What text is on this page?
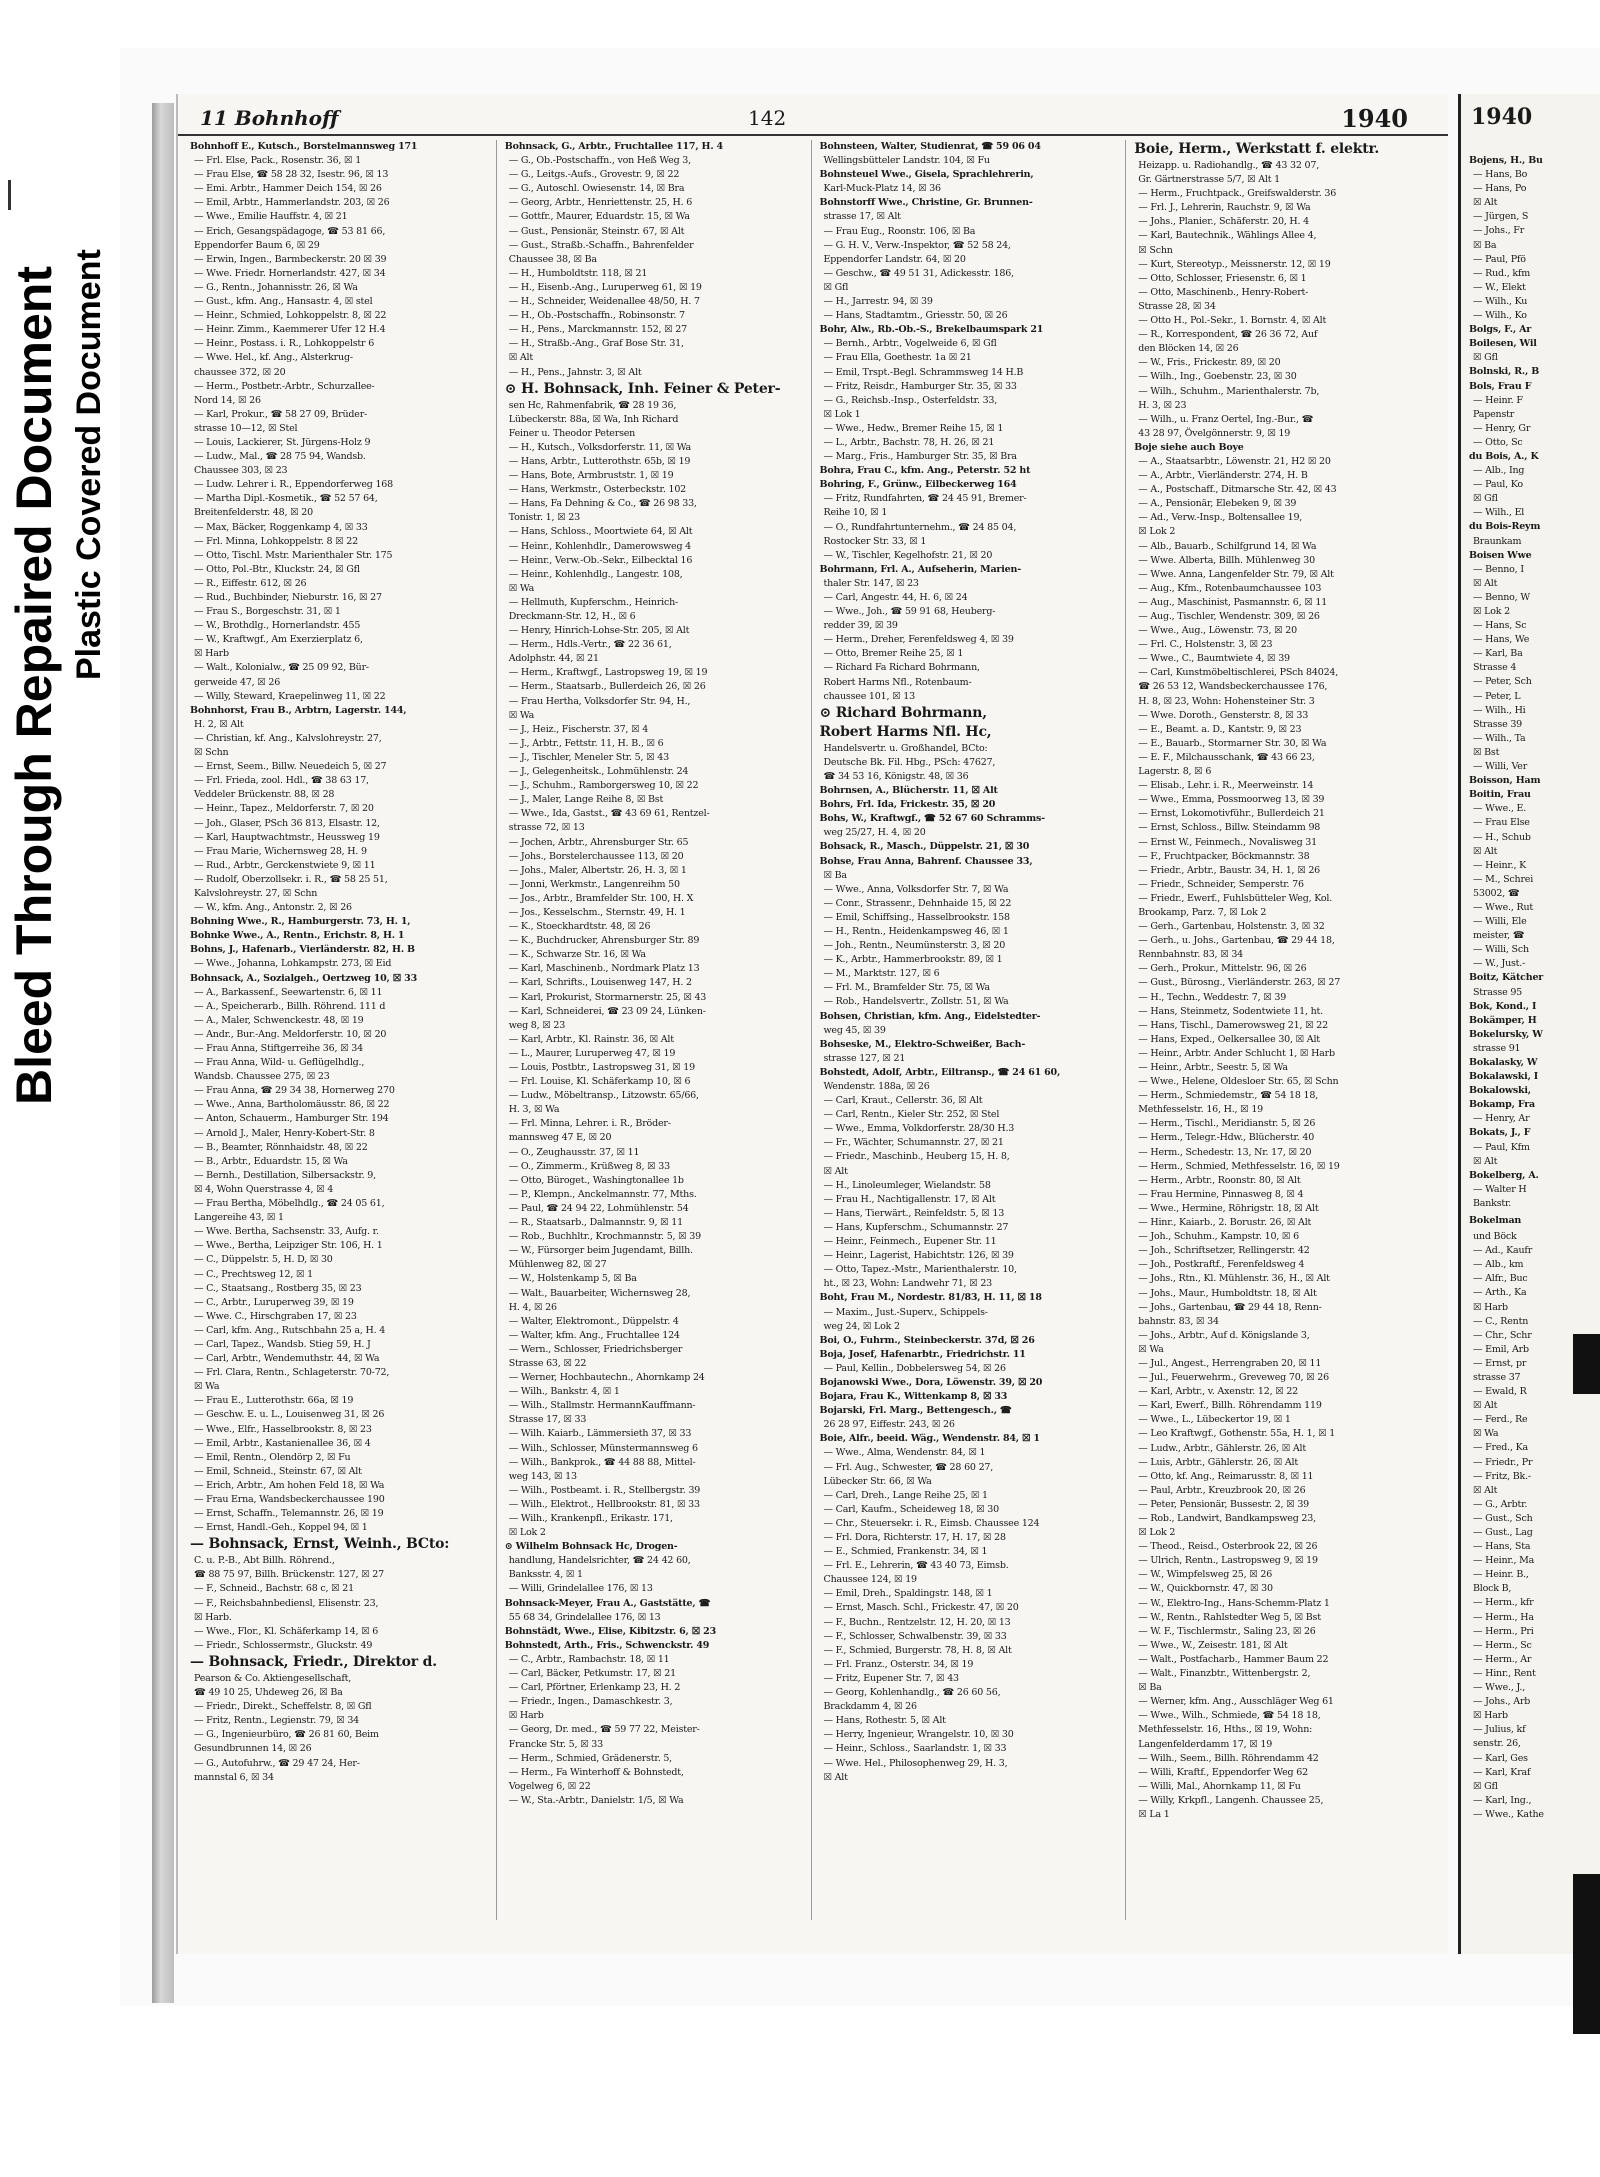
Bleed Through Repaired Document Plastic Covered Document
11 Bohnhoff	142	1940
Bohnhoff E., Kutsch., Borstelmannsweg 171
— Frl. Else, Pack., Rosenstr. 36, ☒ 1
— Frau Else, ☎ 58 28 32, Isestr. 96, ☒ 13
— Emi. Arbtr., Hammer Deich 154, ☒ 26
— Emil, Arbtr., Hammerlandstr. 203, ☒ 26
— Wwe., Emilie Hauffstr. 4, ☒ 21
— Erich, Gesangspädagoge, ☎ 53 81 66,
Eppendorfer Baum 6, ☒ 29
— Erwin, Ingen., Barmbeckerstr. 20 ☒ 39
— Wwe. Friedr. Hornerlandstr. 427, ☒ 34
— G., Rentn., Johannisstr. 26, ☒ Wa
— Gust., kfm. Ang., Hansastr. 4, ☒ stel
— Heinr., Schmied, Lohkoppelstr. 8, ☒ 22
— Heinr. Zimm., Kaemmerer Ufer 12 H.4
— Heinr., Postass. i. R., Lohkoppelstr 6
— Wwe. Hel., kf. Ang., Alsterkrug-
chaussee 372, ☒ 20
— Herm., Postbetr.-Arbtr., Schurzallee-
Nord 14, ☒ 26
— Karl, Prokur., ☎ 58 27 09, Brüder-
strasse 10—12, ☒ Stel
— Louis, Lackierer, St. Jürgens-Holz 9
— Ludw., Mal., ☎ 28 75 94, Wandsb.
Chaussee 303, ☒ 23
— Ludw. Lehrer i. R., Eppendorferweg 168
— Martha Dipl.-Kosmetik., ☎ 52 57 64,
Breitenfelderstr. 48, ☒ 20
— Max, Bäcker, Roggenkamp 4, ☒ 33
— Frl. Minna, Lohkoppelstr. 8 ☒ 22
— Otto, Tischl. Mstr. Marienthaler Str. 175
— Otto, Pol.-Btr., Kluckstr. 24, ☒ Gfl
— R., Eiffestr. 612, ☒ 26
— Rud., Buchbinder, Nieburstr. 16, ☒ 27
— Frau S., Borgeschstr. 31, ☒ 1
— W., Brothdlg., Hornerlandstr. 455
— W., Kraftwgf., Am Exerzierplatz 6,
☒ Harb
— Walt., Kolonialw., ☎ 25 09 92, Bür-
gerweide 47, ☒ 26
— Willy, Steward, Kraepelinweg 11, ☒ 22
Bohnhorst, Frau B., Arbtrn, Lagerstr. 144,
H. 2, ☒ Alt
— Christian, kf. Ang., Kalvslohreystr. 27,
☒ Schn
— Ernst, Seem., Billw. Neuedeich 5, ☒ 27
— Frl. Frieda, zool. Hdl., ☎ 38 63 17,
Veddeler Brückenstr. 88, ☒ 28
— Heinr., Tapez., Meldorferstr. 7, ☒ 20
— Joh., Glaser, PSch 36 813, Elsastr. 12,
— Karl, Hauptwachtmstr., Heussweg 19
— Frau Marie, Wichernsweg 28, H. 9
— Rud., Arbtr., Gerckenstwiete 9, ☒ 11
— Rudolf, Oberzollsekr. i. R., ☎ 58 25 51,
Kalvslohreystr. 27, ☒ Schn
— W., kfm. Ang., Antonstr. 2, ☒ 26
Bohning Wwe., R., Hamburgerstr. 73, H. 1,
Bohnke Wwe., A., Rentn., Erichstr. 8, H. 1
Bohns, J., Hafenarb., Vierländerstr. 82, H. B
— Wwe., Johanna, Lohkampstr. 273, ☒ Eid
Bohnsack, A., Sozialgeh., Oertzweg 10, ☒ 33
— A., Barkassenf., Seewartenstr. 6, ☒ 11
— A., Speicherarb., Billh. Röhrend. 111 d
— A., Maler, Schwenckestr. 48, ☒ 19
— Andr., Bur.-Ang. Meldorferstr. 10, ☒ 20
— Frau Anna, Stiftgerreihe 36, ☒ 34
— Frau Anna, Wild- u. Geflügelhdlg.,
Wandsb. Chaussee 275, ☒ 23
— Frau Anna, ☎ 29 34 38, Hornerweg 270
— Wwe., Anna, Bartholomäusstr. 86, ☒ 22
— Anton, Schauerm., Hamburger Str. 194
— Arnold J., Maler, Henry-Kobert-Str. 8
— B., Beamter, Rönnhaidstr. 48, ☒ 22
— B., Arbtr., Eduardstr. 15, ☒ Wa
— Bernh., Destillation, Silbersackstr. 9,
☒ 4, Wohn Querstrasse 4, ☒ 4
— Frau Bertha, Möbelhdlg., ☎ 24 05 61,
Langereihe 43, ☒ 1
— Wwe. Bertha, Sachsenstr. 33, Aufg. r.
— Wwe., Bertha, Leipziger Str. 106, H. 1
— C., Düppelstr. 5, H. D, ☒ 30
— C., Prechtsweg 12, ☒ 1
— C., Staatsang., Rostberg 35, ☒ 23
— C., Arbtr., Luruperweg 39, ☒ 19
— Wwe. C., Hirschgraben 17, ☒ 23
— Carl, kfm. Ang., Rutschbahn 25 a, H. 4
— Carl, Tapez., Wandsb. Stieg 59, H. J
— Carl, Arbtr., Wendemuthstr. 44, ☒ Wa
— Frl. Clara, Rentn., Schlageterstr. 70-72,
☒ Wa
— Frau E., Lutterothstr. 66a, ☒ 19
— Geschw. E. u. L., Louisenweg 31, ☒ 26
— Wwe., Elfr., Hasselbrookstr. 8, ☒ 23
— Emil, Arbtr., Kastanienallee 36, ☒ 4
— Emil, Rentn., Olendörp 2, ☒ Fu
— Emil, Schneid., Steinstr. 67, ☒ Alt
— Erich, Arbtr., Am hohen Feld 18, ☒ Wa
— Frau Erna, Wandsbeckerchaussee 190
— Ernst, Schaffn., Telemannstr. 26, ☒ 19
— Ernst, Handl.-Geh., Koppel 94, ☒ 1
— Bohnsack, Ernst, Weinh., BCto:
C. u. P.-B., Abt Billh. Röhrend.,
☎ 88 75 97, Billh. Brückenstr. 127, ☒ 27
— F., Schneid., Bachstr. 68 c, ☒ 21
— F., Reichsbahnbediensl, Elisenstr. 23,
☒ Harb.
— Wwe., Flor., Kl. Schäferkamp 14, ☒ 6
— Friedr., Schlossermstr., Gluckstr. 49
— Bohnsack, Friedr., Direktor d.
Pearson & Co. Aktiengesellschaft,
☎ 49 10 25, Uhdeweg 26, ☒ Ba
— Friedr., Direkt., Scheffelstr. 8, ☒ Gfl
— Fritz, Rentn., Legienstr. 79, ☒ 34
— G., Ingenieurbüro, ☎ 26 81 60, Beim
Gesundbrunnen 14, ☒ 26
— G., Autofuhrw., ☎ 29 47 24, Her-
mannstal 6, ☒ 34
Bohnsack, G., Arbtr., Fruchtallee 117, H. 4
— G., Ob.-Postschaffn., von Heß Weg 3,
— G., Leitgs.-Aufs., Grovestr. 9, ☒ 22
— G., Autoschl. Owiesenstr. 14, ☒ Bra
— Georg, Arbtr., Henriettenstr. 25, H. 6
— Gottfr., Maurer, Eduardstr. 15, ☒ Wa
— Gust., Pensionär, Steinstr. 67, ☒ Alt
— Gust., Straßb.-Schaffn., Bahrenfelder
Chaussee 38, ☒ Ba
— H., Humboldtstr. 118, ☒ 21
— H., Eisenb.-Ang., Luruperweg 61, ☒ 19
— H., Schneider, Weidenallee 48/50, H. 7
— H., Ob.-Postschaffn., Robinsonstr. 7
— H., Pens., Marckmannstr. 152, ☒ 27
— H., Straßb.-Ang., Graf Bose Str. 31,
☒ Alt
— H., Pens., Jahnstr. 3, ☒ Alt
⊙ H. Bohnsack, Inh. Feiner & Peter-
sen Hc, Rahmenfabrik, ☎ 28 19 36,
Lübeckerstr. 88a, ☒ Wa, Inh Richard
Feiner u. Theodor Petersen
— H., Kutsch., Volksdorferstr. 11, ☒ Wa
— Hans, Arbtr., Lutterothstr. 65b, ☒ 19
— Hans, Bote, Armbruststr. 1, ☒ 19
— Hans, Werkmstr., Osterbeckstr. 102
— Hans, Fa Dehning & Co., ☎ 26 98 33,
Tonistr. 1, ☒ 23
— Hans, Schloss., Moortwiete 64, ☒ Alt
— Heinr., Kohlenhdlr., Damerowsweg 4
— Heinr., Verw.-Ob.-Sekr., Eilbecktal 16
— Heinr., Kohlenhdlg., Langestr. 108,
☒ Wa
— Hellmuth, Kupferschm., Heinrich-
Dreckmann-Str. 12, H., ☒ 6
— Henry, Hinrich-Lohse-Str. 205, ☒ Alt
— Herm., Hdls.-Vertr., ☎ 22 36 61,
Adolphstr. 44, ☒ 21
— Herm., Kraftwgf., Lastropsweg 19, ☒ 19
— Herm., Staatsarb., Bullerdeich 26, ☒ 26
— Frau Hertha, Volksdorfer Str. 94, H.,
☒ Wa
— J., Heiz., Fischerstr. 37, ☒ 4
— J., Arbtr., Fettstr. 11, H. B., ☒ 6
— J., Tischler, Meneler Str. 5, ☒ 43
— J., Gelegenheitsk., Lohmühlenstr. 24
— J., Schuhm., Ramborgersweg 10, ☒ 22
— J., Maler, Lange Reihe 8, ☒ Bst
— Wwe., Ida, Gastst., ☎ 43 69 61, Rentzel-
strasse 72, ☒ 13
— Jochen, Arbtr., Ahrensburger Str. 65
— Johs., Borstelerchaussee 113, ☒ 20
— Johs., Maler, Albertstr. 26, H. 3, ☒ 1
— Jonni, Werkmstr., Langenreihm 50
— Jos., Arbtr., Bramfelder Str. 100, H. X
— Jos., Kesselschm., Sternstr. 49, H. 1
— K., Stoeckhardtstr. 48, ☒ 26
— K., Buchdrucker, Ahrensburger Str. 89
— K., Schwarze Str. 16, ☒ Wa
— Karl, Maschinenb., Nordmark Platz 13
— Karl, Schrifts., Louisenweg 147, H. 2
— Karl, Prokurist, Stormarnerstr. 25, ☒ 43
— Karl, Schneiderei, ☎ 23 09 24, Lünken-
weg 8, ☒ 23
— Karl, Arbtr., Kl. Rainstr. 36, ☒ Alt
— L., Maurer, Luruperweg 47, ☒ 19
— Louis, Postbtr., Lastropsweg 31, ☒ 19
— Frl. Louise, Kl. Schäferkamp 10, ☒ 6
— Ludw., Möbeltransp., Litzowstr. 65/66,
H. 3, ☒ Wa
— Frl. Minna, Lehrer. i. R., Bröder-
mannsweg 47 E, ☒ 20
— O., Zeughausstr. 37, ☒ 11
— O., Zimmerm., Krüßweg 8, ☒ 33
— Otto, Büroget., Washingtonallee 1b
— P., Klempn., Anckelmannstr. 77, Mths.
— Paul, ☎ 24 94 22, Lohmühlenstr. 54
— R., Staatsarb., Dalmannstr. 9, ☒ 11
— Rob., Buchhltr., Krochmannstr. 5, ☒ 39
— W., Fürsorger beim Jugendamt, Billh.
Mühlenweg 82, ☒ 27
— W., Holstenkamp 5, ☒ Ba
— Walt., Bauarbeiter, Wichernsweg 28,
H. 4, ☒ 26
— Walter, Elektromont., Düppelstr. 4
— Walter, kfm. Ang., Fruchtallee 124
— Wern., Schlosser, Friedrichsberger
Strasse 63, ☒ 22
— Werner, Hochbautechn., Ahornkamp 24
— Wilh., Bankstr. 4, ☒ 1
— Wilh., Stallmstr. HermannKauffmann-
Strasse 17, ☒ 33
— Wilh. Kaiarb., Lämmersieth 37, ☒ 33
— Wilh., Schlosser, Münstermannsweg 6
— Wilh., Bankprok., ☎ 44 88 88, Mittel-
weg 143, ☒ 13
— Wilh., Postbeamt. i. R., Stellbergstr. 39
— Wilh., Elektrot., Hellbrookstr. 81, ☒ 33
— Wilh., Krankenpfl., Erikastr. 171,
☒ Lok 2
⊙ Wilhelm Bohnsack Hc, Drogen-
handlung, Handelsrichter, ☎ 24 42 60,
Banksstr. 4, ☒ 1
— Willi, Grindelallee 176, ☒ 13
Bohnsack-Meyer, Frau A., Gaststätte, ☎
55 68 34, Grindelallee 176, ☒ 13
Bohnstädt, Wwe., Elise, Kibitzstr. 6, ☒ 23
Bohnstedt, Arth., Fris., Schwenckstr. 49
— C., Arbtr., Rambachstr. 18, ☒ 11
— Carl, Bäcker, Petkumstr. 17, ☒ 21
— Carl, Pförtner, Erlenkamp 23, H. 2
— Friedr., Ingen., Damaschkestr. 3,
☒ Harb
— Georg, Dr. med., ☎ 59 77 22, Meister-
Francke Str. 5, ☒ 33
— Herm., Schmied, Grädenerstr. 5,
— Herm., Fa Winterhoff & Bohnstedt,
Vogelweg 6, ☒ 22
— W., Sta.-Arbtr., Danielstr. 1/5, ☒ Wa
Bohnsteen, Walter, Studienrat, ☎ 59 06 04
Wellingsbütteler Landstr. 104, ☒ Fu
Bohnsteuel Wwe., Gisela, Sprachlehrerin,
Karl-Muck-Platz 14, ☒ 36
Bohnstorff Wwe., Christine, Gr. Brunnen-
strasse 17, ☒ Alt
— Frau Eug., Roonstr. 106, ☒ Ba
— G. H. V., Verw.-Inspektor, ☎ 52 58 24,
Eppendorfer Landstr. 64, ☒ 20
— Geschw., ☎ 49 51 31, Adickesstr. 186,
☒ Gfl
— H., Jarrestr. 94, ☒ 39
— Hans, Stadtamtm., Griesstr. 50, ☒ 26
Bohr, Alw., Rb.-Ob.-S., Brekelbaumspark 21
— Bernh., Arbtr., Vogelweide 6, ☒ Gfl
— Frau Ella, Goethestr. 1a ☒ 21
— Emil, Trspt.-Begl. Schrammsweg 14 H.B
— Fritz, Reisdr., Hamburger Str. 35, ☒ 33
— G., Reichsb.-Insp., Osterfeldstr. 33,
☒ Lok 1
— Wwe., Hedw., Bremer Reihe 15, ☒ 1
— L., Arbtr., Bachstr. 78, H. 26, ☒ 21
— Marg., Fris., Hamburger Str. 35, ☒ Bra
Bohra, Frau C., kfm. Ang., Peterstr. 52 ht
Bohring, F., Grünw., Eilbeckerweg 164
— Fritz, Rundfahrten, ☎ 24 45 91, Bremer-
Reihe 10, ☒ 1
— O., Rundfahrtunternehm., ☎ 24 85 04,
Rostocker Str. 33, ☒ 1
— W., Tischler, Kegelhofstr. 21, ☒ 20
Bohrmann, Frl. A., Aufseherin, Marien-
thaler Str. 147, ☒ 23
— Carl, Angestr. 44, H. 6, ☒ 24
— Wwe., Joh., ☎ 59 91 68, Heuberg-
redder 39, ☒ 39
— Herm., Dreher, Ferenfeldsweg 4, ☒ 39
— Otto, Bremer Reihe 25, ☒ 1
— Richard Fa Richard Bohrmann,
Robert Harms Nfl., Rotenbaum-
chaussee 101, ☒ 13
⊙ Richard Bohrmann,
Robert Harms Nfl. Hc,
Handelsvertr. u. Großhandel, BCto:
Deutsche Bk. Fil. Hbg., PSch: 47627,
☎ 34 53 16, Königstr. 48, ☒ 36
Bohrnsen, A., Blücherstr. 11, ☒ Alt
Bohrs, Frl. Ida, Frickestr. 35, ☒ 20
Bohs, W., Kraftwgf., ☎ 52 67 60 Schramms-
weg 25/27, H. 4, ☒ 20
Bohsack, R., Masch., Düppelstr. 21, ☒ 30
Bohse, Frau Anna, Bahrenf. Chaussee 33,
☒ Ba
— Wwe., Anna, Volksdorfer Str. 7, ☒ Wa
— Conr., Strassenr., Dehnhaide 15, ☒ 22
— Emil, Schiffsing., Hasselbrookstr. 158
— H., Rentn., Heidenkampsweg 46, ☒ 1
— Joh., Rentn., Neumünsterstr. 3, ☒ 20
— K., Arbtr., Hammerbrookstr. 89, ☒ 1
— M., Marktstr. 127, ☒ 6
— Frl. M., Bramfelder Str. 75, ☒ Wa
— Rob., Handelsvertr., Zollstr. 51, ☒ Wa
Bohsen, Christian, kfm. Ang., Eidelstedter-
weg 45, ☒ 39
Bohseske, M., Elektro-Schweißer, Bach-
strasse 127, ☒ 21
Bohstedt, Adolf, Arbtr., Eiltransp., ☎ 24 61 60,
Wendenstr. 188a, ☒ 26
— Carl, Kraut., Cellerstr. 36, ☒ Alt
— Carl, Rentn., Kieler Str. 252, ☒ Stel
— Wwe., Emma, Volkdorferstr. 28/30 H.3
— Fr., Wächter, Schumannstr. 27, ☒ 21
— Friedr., Maschinb., Heuberg 15, H. 8,
☒ Alt
— H., Linoleumleger, Wielandstr. 58
— Frau H., Nachtigallenstr. 17, ☒ Alt
— Hans, Tierwärt., Reinfeldstr. 5, ☒ 13
— Hans, Kupferschm., Schumannstr. 27
— Heinr., Feinmech., Eupener Str. 11
— Heinr., Lagerist, Habichtstr. 126, ☒ 39
— Otto, Tapez.-Mstr., Marienthalerstr. 10,
ht., ☒ 23, Wohn: Landwehr 71, ☒ 23
Boht, Frau M., Nordestr. 81/83, H. 11, ☒ 18
— Maxim., Just.-Superv., Schippels-
weg 24, ☒ Lok 2
Boi, O., Fuhrm., Steinbeckerstr. 37d, ☒ 26
Boja, Josef, Hafenarbtr., Friedrichstr. 11
— Paul, Kellin., Dobbelersweg 54, ☒ 26
Bojanowski Wwe., Dora, Löwenstr. 39, ☒ 20
Bojara, Frau K., Wittenkamp 8, ☒ 33
Bojarski, Frl. Marg., Bettengesch., ☎
26 28 97, Eiffestr. 243, ☒ 26
Boie, Alfr., beeid. Wäg., Wendenstr. 84, ☒ 1
— Wwe., Alma, Wendenstr. 84, ☒ 1
— Frl. Aug., Schwester, ☎ 28 60 27,
Lübecker Str. 66, ☒ Wa
— Carl, Dreh., Lange Reihe 25, ☒ 1
— Carl, Kaufm., Scheideweg 18, ☒ 30
— Chr., Steuersekr. i. R., Eimsb. Chaussee 124
— Frl. Dora, Richterstr. 17, H. 17, ☒ 28
— E., Schmied, Frankenstr. 34, ☒ 1
— Frl. E., Lehrerin, ☎ 43 40 73, Eimsb.
Chaussee 124, ☒ 19
— Emil, Dreh., Spaldingstr. 148, ☒ 1
— Ernst, Masch. Schl., Frickestr. 47, ☒ 20
— F., Buchn., Rentzelstr. 12, H. 20, ☒ 13
— F., Schlosser, Schwalbenstr. 39, ☒ 33
— F., Schmied, Burgerstr. 78, H. 8, ☒ Alt
— Frl. Franz., Osterstr. 34, ☒ 19
— Fritz, Eupener Str. 7, ☒ 43
— Georg, Kohlenhandlg., ☎ 26 60 56,
Brackdamm 4, ☒ 26
— Hans, Rothestr. 5, ☒ Alt
— Herry, Ingenieur, Wrangelstr. 10, ☒ 30
— Heinr., Schloss., Saarlandstr. 1, ☒ 33
— Wwe. Hel., Philosophenweg 29, H. 3,
☒ Alt
Boie, Herm., Werkstatt f. elektr.
Heizapp. u. Radiohandlg., ☎ 43 32 07,
Gr. Gärtnerstrasse 5/7, ☒ Alt 1
— Herm., Fruchtpack., Greifswalderstr. 36
— Frl. J., Lehrerin, Rauchstr. 9, ☒ Wa
— Johs., Planier., Schäferstr. 20, H. 4
— Karl, Bautechnik., Wählings Allee 4,
☒ Schn
— Kurt, Stereotyp., Meissnerstr. 12, ☒ 19
— Otto, Schlosser, Friesenstr. 6, ☒ 1
— Otto, Maschinenb., Henry-Robert-
Strasse 28, ☒ 34
— Otto H., Pol.-Sekr., 1. Bornstr. 4, ☒ Alt
— R., Korrespondent, ☎ 26 36 72, Auf
den Blöcken 14, ☒ 26
— W., Fris., Frickestr. 89, ☒ 20
— Wilh., Ing., Goebenstr. 23, ☒ 30
— Wilh., Schuhm., Marienthalerstr. 7b,
H. 3, ☒ 23
— Wilh., u. Franz Oertel, Ing.-Bur., ☎
43 28 97, Övelgönnerstr. 9, ☒ 19
Boje siehe auch Boye
— A., Staatsarbtr., Löwenstr. 21, H2 ☒ 20
— A., Arbtr., Vierländerstr. 274, H. B
— A., Postschaff., Ditmarsche Str. 42, ☒ 43
— A., Pensionär, Elebeken 9, ☒ 39
— Ad., Verw.-Insp., Boltensallee 19,
☒ Lok 2
— Alb., Bauarb., Schilfgrund 14, ☒ Wa
— Wwe. Alberta, Billh. Mühlenweg 30
— Wwe. Anna, Langenfelder Str. 79, ☒ Alt
— Aug., Kfm., Rotenbaumchaussee 103
— Aug., Maschinist, Pasmannstr. 6, ☒ 11
— Aug., Tischler, Wendenstr. 309, ☒ 26
— Wwe., Aug., Löwenstr. 73, ☒ 20
— Frl. C., Holstenstr. 3, ☒ 23
— Wwe., C., Baumtwiete 4, ☒ 39
— Carl, Kunstmöbeltischlerei, PSch 84024,
☎ 26 53 12, Wandsbeckerchaussee 176,
H. 8, ☒ 23, Wohn: Hohensteiner Str. 3
— Wwe. Doroth., Gensterstr. 8, ☒ 33
— E., Beamt. a. D., Kantstr. 9, ☒ 23
— E., Bauarb., Stormarner Str. 30, ☒ Wa
— E. F., Milchausschank, ☎ 43 66 23,
Lagerstr. 8, ☒ 6
— Elisab., Lehr. i. R., Meerweinstr. 14
— Wwe., Emma, Possmoorweg 13, ☒ 39
— Ernst, Lokomotivführ., Bullerdeich 21
— Ernst, Schloss., Billw. Steindamm 98
— Ernst W., Feinmech., Novalisweg 31
— F., Fruchtpacker, Böckmannstr. 38
— Friedr., Arbtr., Baustr. 34, H. 1, ☒ 26
— Friedr., Schneider, Semperstr. 76
— Friedr., Ewerf., Fuhlsbütteler Weg, Kol.
Brookamp, Parz. 7, ☒ Lok 2
— Gerh., Gartenbau, Holstenstr. 3, ☒ 32
— Gerh., u. Johs., Gartenbau, ☎ 29 44 18,
Rennbahnstr. 83, ☒ 34
— Gerh., Prokur., Mittelstr. 96, ☒ 26
— Gust., Bürosng., Vierländerstr. 263, ☒ 27
— H., Techn., Weddestr. 7, ☒ 39
— Hans, Steinmetz, Sodentwiete 11, ht.
— Hans, Tischl., Damerowsweg 21, ☒ 22
— Hans, Exped., Oelkersallee 30, ☒ Alt
— Heinr., Arbtr. Ander Schlucht 1, ☒ Harb
— Heinr., Arbtr., Seestr. 5, ☒ Wa
— Wwe., Helene, Oldesloer Str. 65, ☒ Schn
— Herm., Schmiedemstr., ☎ 54 18 18,
Methfesselstr. 16, H., ☒ 19
— Herm., Tischl., Meridianstr. 5, ☒ 26
— Herm., Telegr.-Hdw., Blücherstr. 40
— Herm., Schedestr. 13, Nr. 17, ☒ 20
— Herm., Schmied, Methfesselstr. 16, ☒ 19
— Herm., Arbtr., Roonstr. 80, ☒ Alt
— Frau Hermine, Pinnasweg 8, ☒ 4
— Wwe., Hermine, Röhrigstr. 18, ☒ Alt
— Hinr., Kaiarb., 2. Borustr. 26, ☒ Alt
— Joh., Schuhm., Kampstr. 10, ☒ 6
— Joh., Schriftsetzer, Rellingerstr. 42
— Joh., Postkraftf., Ferenfeldsweg 4
— Johs., Rtn., Kl. Mühlenstr. 36, H., ☒ Alt
— Johs., Maur., Humboldtstr. 18, ☒ Alt
— Johs., Gartenbau, ☎ 29 44 18, Renn-
bahnstr. 83, ☒ 34
— Johs., Arbtr., Auf d. Königslande 3,
☒ Wa
— Jul., Angest., Herrengraben 20, ☒ 11
— Jul., Feuerwehrm., Greveweg 70, ☒ 26
— Karl, Arbtr., v. Axenstr. 12, ☒ 22
— Karl, Ewerf., Billh. Röhrendamm 119
— Wwe., L., Lübeckertor 19, ☒ 1
— Leo Kraftwgf., Gothenstr. 55a, H. 1, ☒ 1
— Ludw., Arbtr., Gählerstr. 26, ☒ Alt
— Luis, Arbtr., Gählerstr. 26, ☒ Alt
— Otto, kf. Ang., Reimarusstr. 8, ☒ 11
— Paul, Arbtr., Kreuzbrook 20, ☒ 26
— Peter, Pensionär, Bussestr. 2, ☒ 39
— Rob., Landwirt, Bandkampsweg 23,
☒ Lok 2
— Theod., Reisd., Osterbrook 22, ☒ 26
— Ulrich, Rentn., Lastropsweg 9, ☒ 19
— W., Wimpfelsweg 25, ☒ 26
— W., Quickbornstr. 47, ☒ 30
— W., Elektro-Ing., Hans-Schemm-Platz 1
— W., Rentn., Rahlstedter Weg 5, ☒ Bst
— W. F., Tischlermstr., Saling 23, ☒ 26
— Wwe., W., Zeisestr. 181, ☒ Alt
— Walt., Postfacharb., Hammer Baum 22
— Walt., Finanzbtr., Wittenbergstr. 2,
☒ Ba
— Werner, kfm. Ang., Ausschläger Weg 61
— Wwe., Wilh., Schmiede, ☎ 54 18 18,
Methfesselstr. 16, Hths., ☒ 19, Wohn:
Langenfelderdamm 17, ☒ 19
— Wilh., Seem., Billh. Röhrendamm 42
— Willi, Kraftf., Eppendorfer Weg 62
— Willi, Mal., Ahornkamp 11, ☒ Fu
— Willy, Krkpfl., Langenh. Chaussee 25,
☒ La 1
1940
Bojens, H., Bu
— Hans, Bo
— Hans, Po
☒ Alt
— Jürgen, S
— Johs., Fr
☒ Ba
— Paul, Pfö
— Rud., kfm
— W., Elekt
— Wilh., Ku
— Wilh., Ko
Bolgs, F., Ar
Boilesen, Wil
☒ Gfl
Bolnski, R., B
Bols, Frau F
— Heinr. F
Papenstr
— Henry, Gr
— Otto, Sc
du Bois, A., K
— Alb., Ing
— Paul, Ko
☒ Gfl
— Wilh., El
du Bois-Reym
Braunkam
Boisen Wwe
— Benno, I
☒ Alt
— Benno, W
☒ Lok 2
— Hans, Sc
— Hans, We
— Karl, Ba
Strasse 4
— Peter, Sch
— Peter, L
— Wilh., Hi
Strasse 39
— Wilh., Ta
☒ Bst
— Willi, Ver
Boisson, Ham
Boitin, Frau
— Wwe., E.
— Frau Else
— H., Schub
☒ Alt
— Heinr., K
— M., Schrei
53002, ☎
— Wwe., Rut
— Willi, Ele
meister, ☎
— Willi, Sch
— W., Just.-
Boitz, Kätcher
Strasse 95
Bok, Kond., I
Bokämper, H
Bokelursky, W
strasse 91
Bokalasky, W
Bokalawski, I
Bokalowski,
Bokamp, Fra
— Henry, Ar
Bokats, J., F
— Paul, Kfm
☒ Alt
Bokelberg, A.
— Walter H
Bankstr.
Bokelman
und Böck
— Ad., Kaufr
— Alb., km
— Alfr., Buc
— Arth., Ka
☒ Harb
— C., Rentn
— Chr., Schr
— Emil, Arb
— Ernst, pr
strasse 37
— Ewald, R
☒ Alt
— Ferd., Re
☒ Wa
— Fred., Ka
— Friedr., Pr
— Fritz, Bk.-
☒ Alt
— G., Arbtr.
— Gust., Sch
— Gust., Lag
— Hans, Sta
— Heinr., Ma
— Heinr. B.,
Block B,
— Herm., kfr
— Herm., Ha
— Herm., Pri
— Herm., Sc
— Herm., Ar
— Hinr., Rent
— Wwe., J.,
— Johs., Arb
☒ Harb
— Julius, kf
senstr. 26,
— Karl, Ges
— Karl, Kraf
☒ Gfl
— Karl, Ing.,
— Wwe., Kathe
